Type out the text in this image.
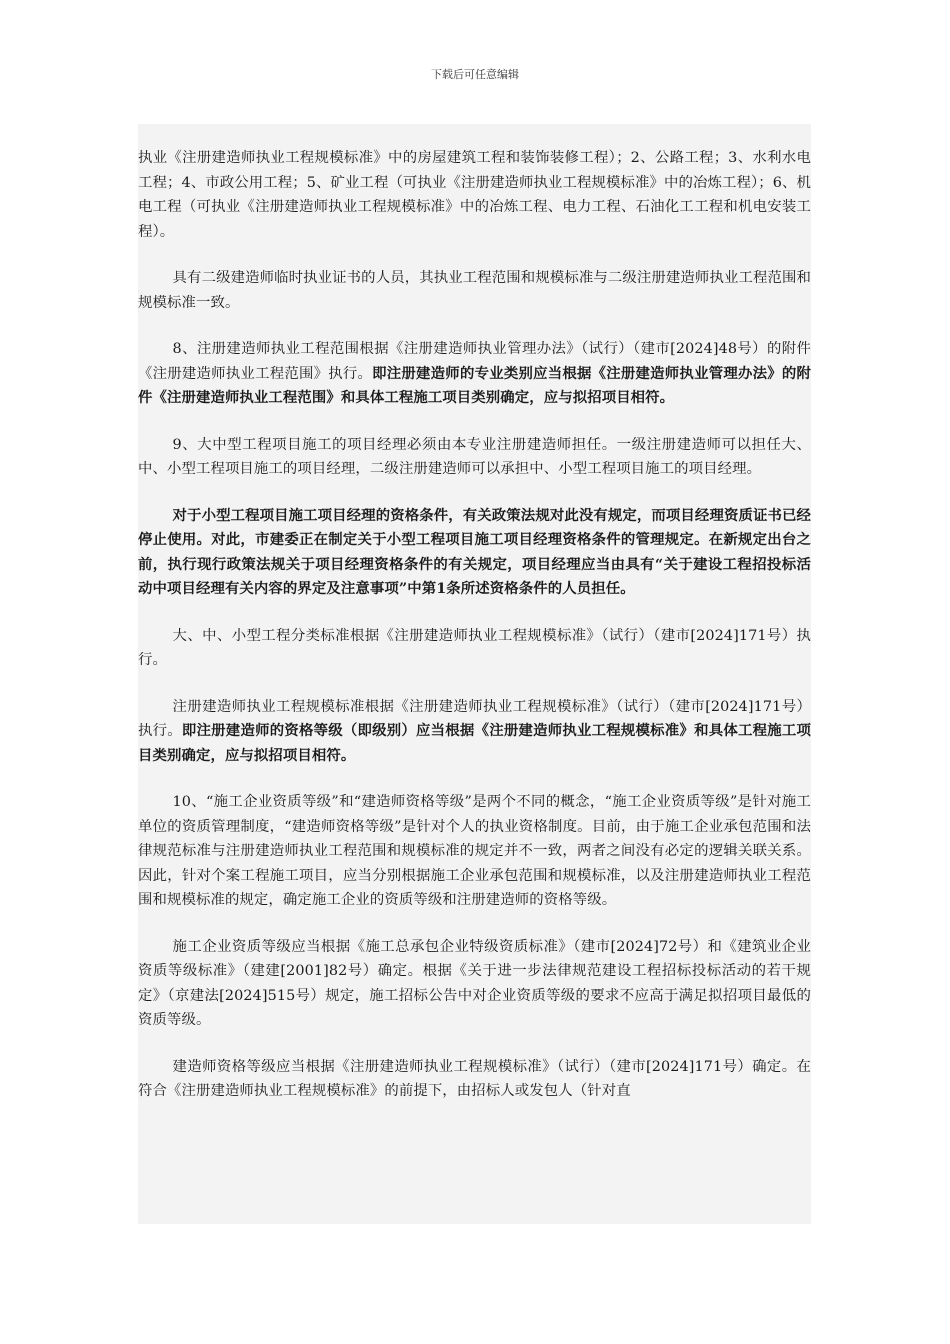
下载后可任意编辑

执业《注册建造师执业工程规模标准》中的房屋建筑工程和装饰装修工程）；2、公路工程；3、水利水电工程；4、市政公用工程；5、矿业工程（可执业《注册建造师执业工程规模标准》中的冶炼工程）；6、机电工程（可执业《注册建造师执业工程规模标准》中的冶炼工程、电力工程、石油化工工程和机电安装工程）。

具有二级建造师临时执业证书的人员，其执业工程范围和规模标准与二级注册建造师执业工程范围和规模标准一致。

8、注册建造师执业工程范围根据《注册建造师执业管理办法》（试行）（建市[2024]48号）的附件《注册建造师执业工程范围》执行。即注册建造师的专业类别应当根据《注册建造师执业管理办法》的附件《注册建造师执业工程范围》和具体工程施工项目类别确定，应与拟招项目相符。

9、大中型工程项目施工的项目经理必须由本专业注册建造师担任。一级注册建造师可以担任大、中、小型工程项目施工的项目经理，二级注册建造师可以承担中、小型工程项目施工的项目经理。

对于小型工程项目施工项目经理的资格条件，有关政策法规对此没有规定，而项目经理资质证书已经停止使用。对此，市建委正在制定关于小型工程项目施工项目经理资格条件的管理规定。在新规定出台之前，执行现行政策法规关于项目经理资格条件的有关规定，项目经理应当由具有“关于建设工程招投标活动中项目经理有关内容的界定及注意事项”中第1条所述资格条件的人员担任。

大、中、小型工程分类标准根据《注册建造师执业工程规模标准》（试行）（建市[2024]171号）执行。

注册建造师执业工程规模标准根据《注册建造师执业工程规模标准》（试行）（建市[2024]171号）执行。即注册建造师的资格等级（即级别）应当根据《注册建造师执业工程规模标准》和具体工程施工项目类别确定，应与拟招项目相符。

10、“施工企业资质等级”和“建造师资格等级”是两个不同的概念，“施工企业资质等级”是针对施工单位的资质管理制度，“建造师资格等级”是针对个人的执业资格制度。目前，由于施工企业承包范围和法律规范标准与注册建造师执业工程范围和规模标准的规定并不一致，两者之间没有必定的逻辑关联关系。因此，针对个案工程施工项目，应当分别根据施工企业承包范围和规模标准，以及注册建造师执业工程范围和规模标准的规定，确定施工企业的资质等级和注册建造师的资格等级。

施工企业资质等级应当根据《施工总承包企业特级资质标准》（建市[2024]72号）和《建筑业企业资质等级标准》（建建[2001]82号）确定。根据《关于进一步法律规范建设工程招标投标活动的若干规定》（京建法[2024]515号）规定，施工招标公告中对企业资质等级的要求不应高于满足拟招项目最低的资质等级。

建造师资格等级应当根据《注册建造师执业工程规模标准》（试行）（建市[2024]171号）确定。在符合《注册建造师执业工程规模标准》的前提下，由招标人或发包人（针对直
